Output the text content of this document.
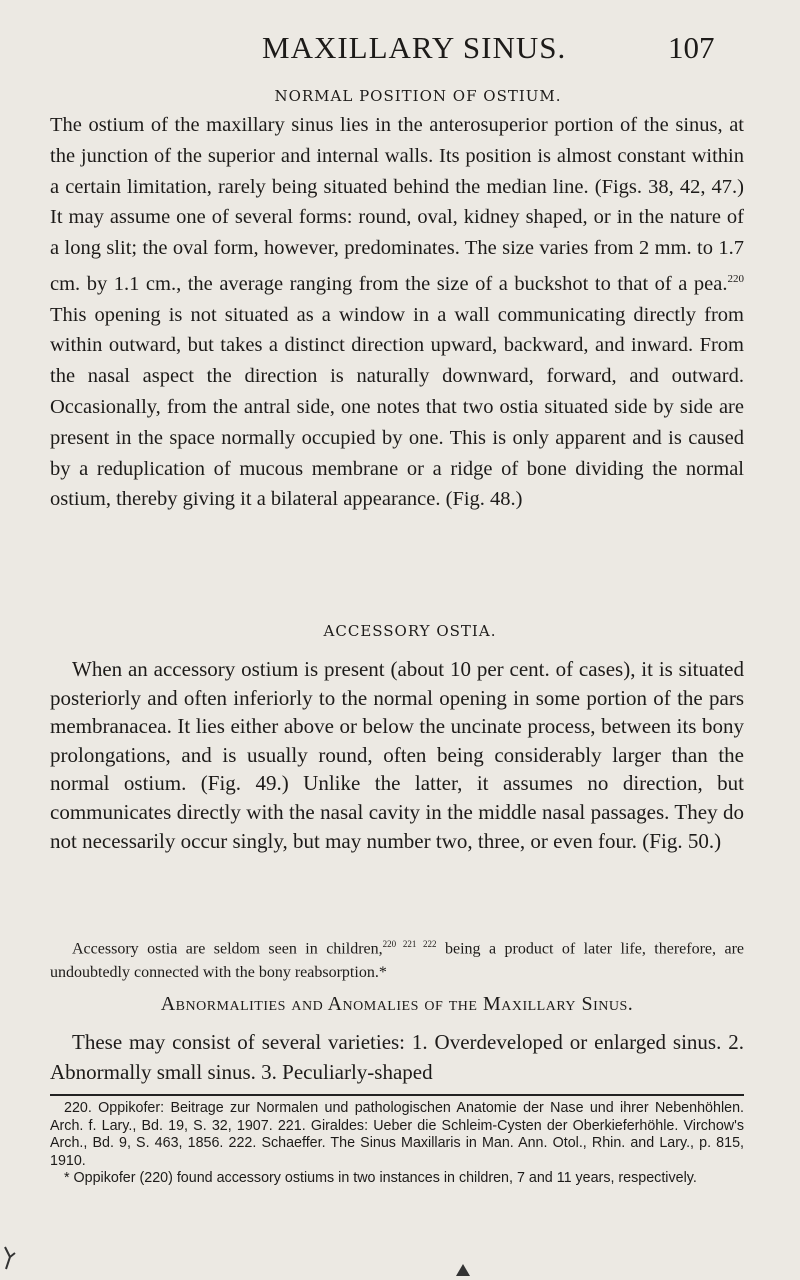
MAXILLARY SINUS.	107
NORMAL POSITION OF OSTIUM.

The ostium of the maxillary sinus lies in the anterosuperior portion of the sinus, at the junction of the superior and internal walls. Its position is almost constant within a certain limitation, rarely being situated behind the median line. (Figs. 38, 42, 47.) It may assume one of several forms: round, oval, kidney shaped, or in the nature of a long slit; the oval form, however, predominates. The size varies from 2 mm. to 1.7 cm. by 1.1 cm., the average ranging from the size of a buckshot to that of a pea.$^{220}$ This opening is not situated as a window in a wall communicating directly from within outward, but takes a distinct direction upward, backward, and inward. From the nasal aspect the direction is naturally downward, forward, and outward. Occasionally, from the antral side, one notes that two ostia situated side by side are present in the space normally occupied by one. This is only apparent and is caused by a reduplication of mucous membrane or a ridge of bone dividing the normal ostium, thereby giving it a bilateral appearance. (Fig. 48.)

ACCESSORY OSTIA.

When an accessory ostium is present (about 10 per cent. of cases), it is situated posteriorly and often inferiorly to the normal opening in some portion of the pars membranacea. It lies either above or below the uncinate process, between its bony prolongations, and is usually round, often being considerably larger than the normal ostium. (Fig. 49.) Unlike the latter, it assumes no direction, but communicates directly with the nasal cavity in the middle nasal passages. They do not necessarily occur singly, but may number two, three, or even four. (Fig. 50.)

Accessory ostia are seldom seen in children,$^{220 221 222}$ being a product of later life, therefore, are undoubtedly connected with the bony reabsorption.*

Abnormalities and Anomalies of the Maxillary Sinus.

These may consist of several varieties: 1. Overdeveloped or enlarged sinus. 2. Abnormally small sinus. 3. Peculiarly-shaped

220. Oppikofer: Beitrage zur Normalen und pathologischen Anatomie der Nase und ihrer Nebenhöhlen. Arch. f. Lary., Bd. 19, S. 32, 1907. 221. Giraldes: Ueber die Schleim-Cysten der Oberkieferhöhle. Virchow's Arch., Bd. 9, S. 463, 1856. 222. Schaeffer. The Sinus Maxillaris in Man. Ann. Otol., Rhin. and Lary., p. 815, 1910.

* Oppikofer (220) found accessory ostiums in two instances in children, 7 and 11 years, respectively.
